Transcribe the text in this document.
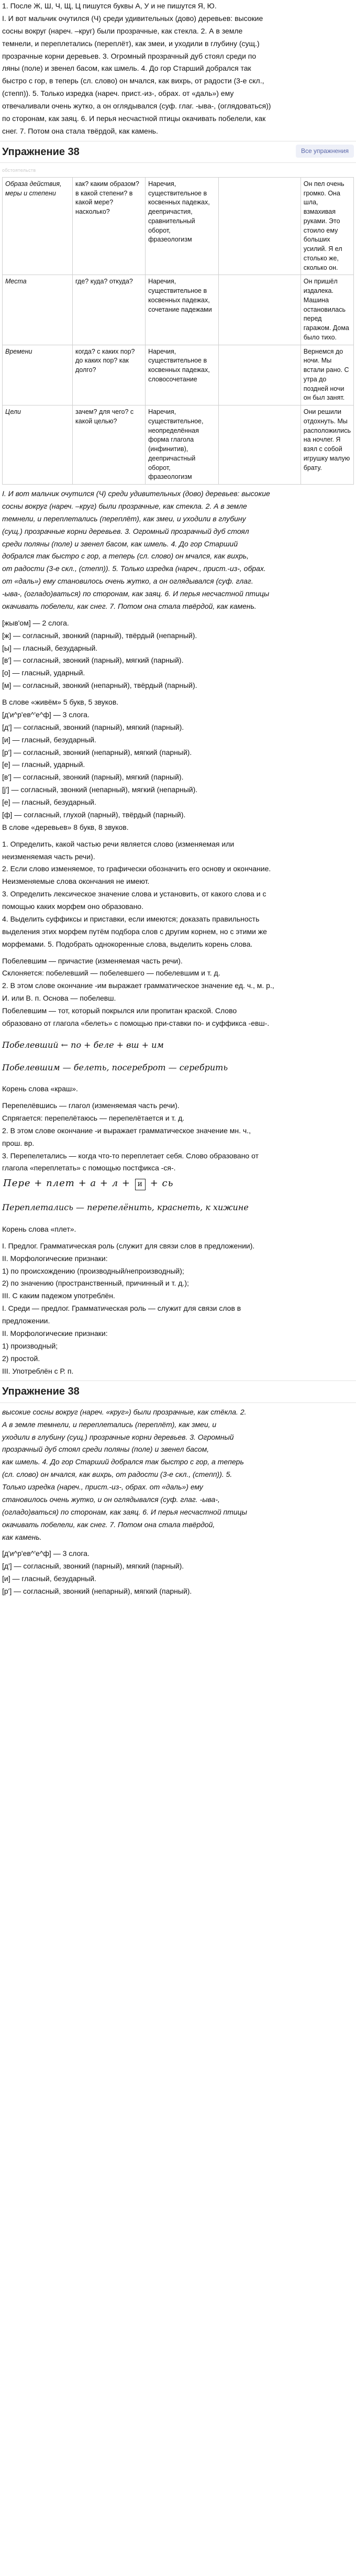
1. После Ж, Ш, Ч, Щ, Ц пишутся буквы А, У и не пишутся Я, Ю.

I. И вот мальчик очутился (Ч) среди удивительных (дово) деревьев: высокие

сосны вокруг (нареч. –круг) были прозрачные, как стекла. 2. А в земле

темнели, и переплетались (переплёт), как змеи, и уходили в глубину (сущ.)

прозрачные корни деревьев. 3. Огромный прозрачный дуб стоял среди по

ляны (поле) и звенел басом, как шмель. 4. До гор Старший добрался так

быстро с гор, в теперь (сл. слово) он мчался, как вихрь, от радости (3-е скл.,

(степп)). 5. Только изредка (нареч. прист.-из-, обрах. от «даль») ему

отвечаливали очень жутко, а он оглядывался (суф. глаг. -ыва-, (оглядоваться))

по сторонам, как заяц. 6. И перья несчастной птицы окачивать побелели, как

снег. 7. Потом она стала твёрдой, как камень.

Упражнение 38	Все упражнения

обстоятельств

Образа действия, меры и степени	как? каким образом? в какой степени? в какой мере? насколько?	Наречия, существительное в косвенных падежах, деепричастия, сравнительный оборот, фразеологизм		Он пел очень громко. Она шла, взмахивая руками. Это стоило ему больших усилий. Я ел столько же, сколько он.
Места	где? куда? откуда?	Наречия, существительное в косвенных падежах, сочетание падежами		Он пришёл издалека. Машина остановилась перед гаражом. Дома было тихо.
Времени	когда? с каких пор? до каких пор? как долго?	Наречия, существительное в косвенных падежах, словосочетание		Вернемся до ночи. Мы встали рано. С утра до поздней ночи он был занят.
Цели	зачем? для чего? с какой целью?	Наречия, существительное, неопределённая форма глагола (инфинитив), деепричастный оборот, фразеологизм		Они решили отдохнуть. Мы расположились на ночлег. Я взял с собой игрушку малую брату.

I. И вот мальчик очутился (Ч) среди удивительных (дово) деревьев: высокие

сосны вокруг (нареч. –круг) были прозрачные, как стекла. 2. А в земле

темнели, и переплетались (переплёт), как змеи, и уходили в глубину

(сущ.) прозрачные корни деревьев. 3. Огромный прозрачный дуб стоял

среди поляны (поле) и звенел басом, как шмель. 4. До гор Старший

добрался так быстро с гор, а теперь (сл. слово) он мчался, как вихрь,

от радости (3-е скл., (степп)). 5. Только изредка (нареч., прист.-из-, обрах.

от «даль») ему становилось очень жутко, а он оглядывался (суф. глаг.

-ыва-, (огладо)ваться) по сторонам, как заяц. 6. И перья несчастной птицы

окачивать побелели, как снег. 7. Потом она стала твёрдой, как камень.

[жыв'ом] — 2 слога.

[ж] — согласный, звонкий (парный), твёрдый (непарный).

[ы] — гласный, безударный.

[в'] — согласный, звонкий (парный), мягкий (парный).

[о] — гласный, ударный.

[м] — согласный, звонкий (непарный), твёрдый (парный).

В слове «живём» 5 букв, 5 звуков.

[д'и^р'ев^'е^ф] — 3 слога.

[д'] — согласный, звонкий (парный), мягкий (парный).

[и] — гласный, безударный.

[р'] — согласный, звонкий (непарный), мягкий (парный).

[е] — гласный, ударный.

[в'] — согласный, звонкий (парный), мягкий (парный).

[ј'] — согласный, звонкий (непарный), мягкий (непарный).

[е] — гласный, безударный.

[ф] — согласный, глухой (парный), твёрдый (парный).

В слове «деревьев» 8 букв, 8 звуков.

1. Определить, какой частью речи является слово (изменяемая или

неизменяемая часть речи).

2. Если слово изменяемое, то графически обозначить его основу и окончание.

Неизменяемые слова окончания не имеют.

3. Определить лексическое значение слова и установить, от какого слова и с

помощью каких морфем оно образовано.

4. Выделить суффиксы и приставки, если имеются; доказать правильность

выделения этих морфем путём подбора слов с другим корнем, но с этими же

морфемами. 5. Подобрать однокоренные слова, выделить корень слова.

Побелевшим — причастие (изменяемая часть речи).

Склоняется: побелевший — побелевшего — побелевшим и т. д.

2. В этом слове окончание -им выражает грамматическое значение ед. ч., м. р.,

И. или В. п. Основа — побелевш.

Побелевшим — тот, который покрылся или пропитан краской. Слово

образовано от глагола «белеть» с помощью при-ставки по- и суффикса -евш-.

Побелевший ← по + беле + вш + им

Побелевшим — белеть, посереброт — серебрить

Корень слова «краш».

Перепелёвшись — глагол (изменяемая часть речи).

Спрягается: перепелётаюсь — перепелётается и т. д.

2. В этом слове окончание -и выражает грамматическое значение мн. ч.,

прош. вр.

3. Перепелетались — когда что-то переплетает себя. Слово образовано от

глагола «переплетать» с помощью постфикса -ся-.

Пере + плет + а + л + и + сь

Переплетались — перепелёнить, краснеть, к хижине

Корень слова «плет».

I. Предлог. Грамматическая роль (служит для связи слов в предложении).

II. Морфологические признаки:

1) по происхождению (производный/непроизводный);

2) по значению (пространственный, причинный и т. д.);

III. С каким падежом употреблён.

I. Среди — предлог. Грамматическая роль — служит для связи слов в

предложении.

II. Морфологические признаки:

1) производный;

2) простой.

III. Употреблён с Р. п.

Упражнение 38

высокие сосны вокруг (нареч. «круг») были прозрачные, как стёкла. 2.

А в земле темнели, и переплетались (переплёт), как змеи, и

уходили в глубину (сущ.) прозрачные корни деревьев. 3. Огромный

прозрачный дуб стоял среди поляны (поле) и звенел басом,

как шмель. 4. До гор Старший добрался так быстро с гор, а теперь

(сл. слово) он мчался, как вихрь, от радости (3-е скл., (степп)). 5.

Только изредка (нареч., прист.-из-, обрах. от «даль») ему

становилось очень жутко, и он оглядывался (суф. глаг. -ыва-,

(огладо)ваться) по сторонам, как заяц. 6. И перья несчастной птицы

окачивать побелели, как снег. 7. Потом она стала твёрдой,

как камень.

[д'и^р'ев^'е^ф] — 3 слога.

[д'] — согласный, звонкий (парный), мягкий (парный).

[и] — гласный, безударный.

[р'] — согласный, звонкий (непарный), мягкий (парный).
